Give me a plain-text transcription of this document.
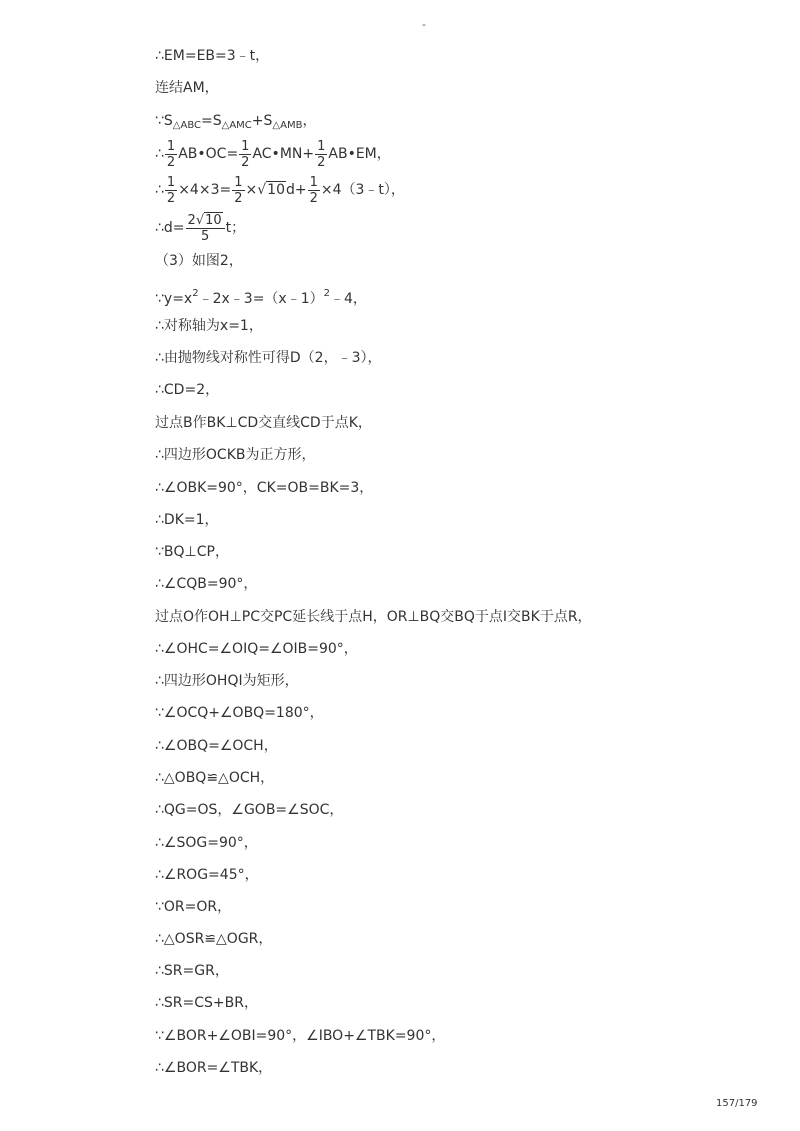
-
∴EM=EB=3﹣t，
连结AM，
$\because S_{\triangle ABC}=S_{\triangle AMC}+S_{\triangle AMB}$，
∴ $\frac{1}{2}$ AB•OC= $\frac{1}{2}$ AC•MN+ $\frac{1}{2}$ AB•EM，
∴ $\frac{1}{2} \times 4\times 3= \frac{1}{2} \times√10d+ \frac{1}{2}$ ×4（3﹣t），
∴d= $\frac{2√10}{5}$ t；
（3）如图2，
$\because y=x^2﹣2x﹣3=(x﹣1)^2﹣4$，
∴对称轴为x=1，
∴由抛物线对称性可得D（2，﹣3），
∴CD=2，
过点B作BK⊥CD交直线CD于点K，
∴四边形OCKB为正方形，
∴∠OBK=90°，CK=OB=BK=3，
∴DK=1，
∵BQ⊥CP，
∴∠CQB=90°，
过点O作OH⊥PC交PC延长线于点H，OR⊥BQ交BQ于点I交BK于点R，
∴∠OHC=∠OIQ=∠OIB=90°，
∴四边形OHQI为矩形，
∵∠OCQ+∠OBQ=180°，
∴∠OBQ=∠OCH，
∴△OBQ≌△OCH，
∴QG=OS，∠GOB=∠SOC，
∴∠SOG=90°，
∴∠ROG=45°，
∵OR=OR，
∴△OSR≌△OGR，
∴SR=GR，
∴SR=CS+BR，
∵∠BOR+∠OBI=90°，∠IBO+∠TBK=90°，
∴∠BOR=∠TBK，
157/179
